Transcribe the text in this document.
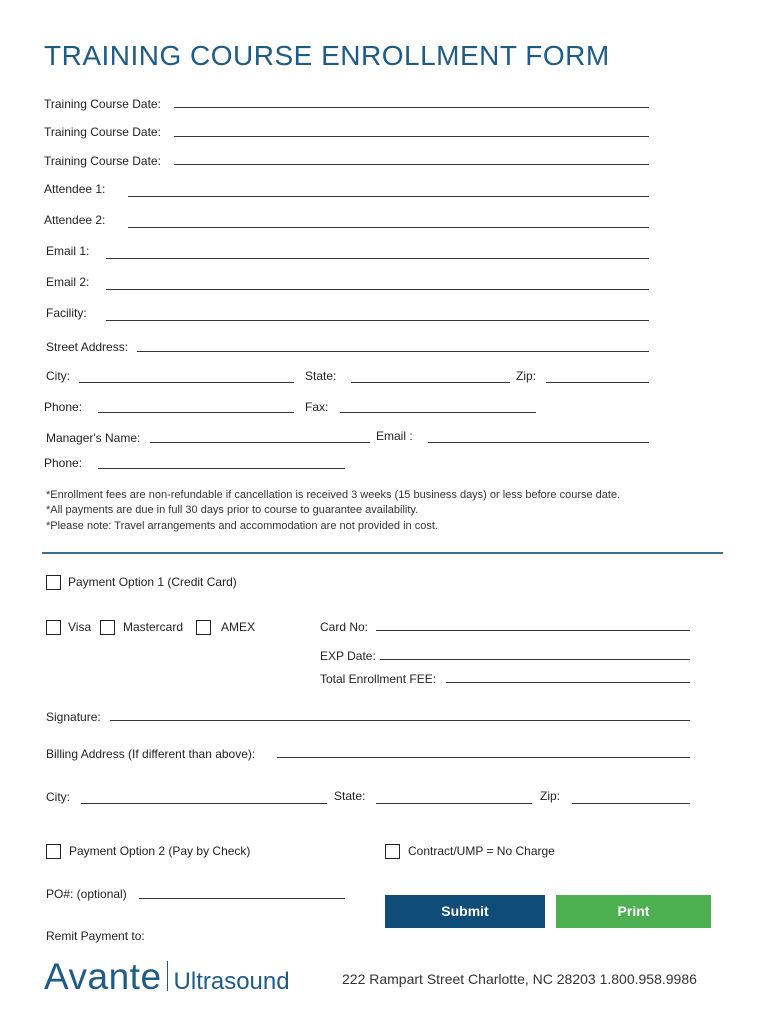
TRAINING COURSE ENROLLMENT FORM
Training Course Date:
Training Course Date:
Training Course Date:
Attendee 1:
Attendee 2:
Email 1:
Email 2:
Facility:
Street Address:
City:	State:	Zip:
Phone:	Fax:
Manager's Name:	Email :
Phone:
*Enrollment fees are non-refundable if cancellation is received 3 weeks (15 business days) or less before course date.
*All payments are due in full 30 days prior to course to guarantee availability.
*Please note: Travel arrangements and accommodation are not provided in cost.
Payment Option 1 (Credit Card)
Visa	Mastercard	AMEX	Card No:
EXP Date:
Total Enrollment FEE:
Signature:
Billing Address (If different than above):
City:	State:	Zip:
Payment Option 2 (Pay by Check)	Contract/UMP = No Charge
PO#: (optional)
Submit	Print
Remit Payment to:
Avante Ultrasound	222 Rampart Street Charlotte, NC 28203 1.800.958.9986
